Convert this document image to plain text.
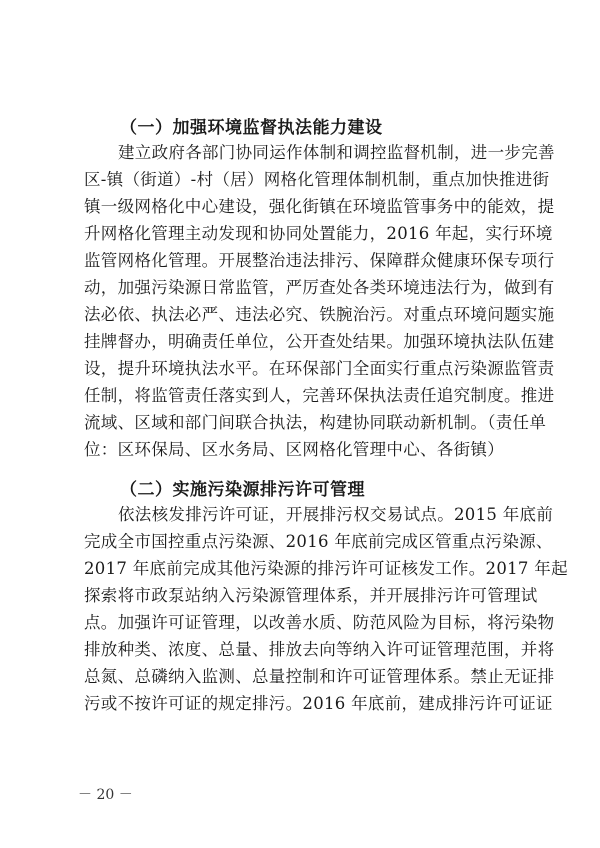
（一）加强环境监督执法能力建设
建立政府各部门协同运作体制和调控监督机制，进一步完善
区-镇（街道）-村（居）网格化管理体制机制，重点加快推进街
镇一级网格化中心建设，强化街镇在环境监管事务中的能效，提
升网格化管理主动发现和协同处置能力，2016 年起，实行环境
监管网格化管理。开展整治违法排污、保障群众健康环保专项行
动，加强污染源日常监管，严厉查处各类环境违法行为，做到有
法必依、执法必严、违法必究、铁腕治污。对重点环境问题实施
挂牌督办，明确责任单位，公开查处结果。加强环境执法队伍建
设，提升环境执法水平。在环保部门全面实行重点污染源监管责
任制，将监管责任落实到人，完善环保执法责任追究制度。推进
流域、区域和部门间联合执法，构建协同联动新机制。（责任单
位：区环保局、区水务局、区网格化管理中心、各街镇）
（二）实施污染源排污许可管理
依法核发排污许可证，开展排污权交易试点。2015 年底前
完成全市国控重点污染源、2016 年底前完成区管重点污染源、
2017 年底前完成其他污染源的排污许可证核发工作。2017 年起
探索将市政泵站纳入污染源管理体系，并开展排污许可管理试
点。加强许可证管理，以改善水质、防范风险为目标，将污染物
排放种类、浓度、总量、排放去向等纳入许可证管理范围，并将
总氮、总磷纳入监测、总量控制和许可证管理体系。禁止无证排
污或不按许可证的规定排污。2016 年底前，建成排污许可证证
－ 20 －
